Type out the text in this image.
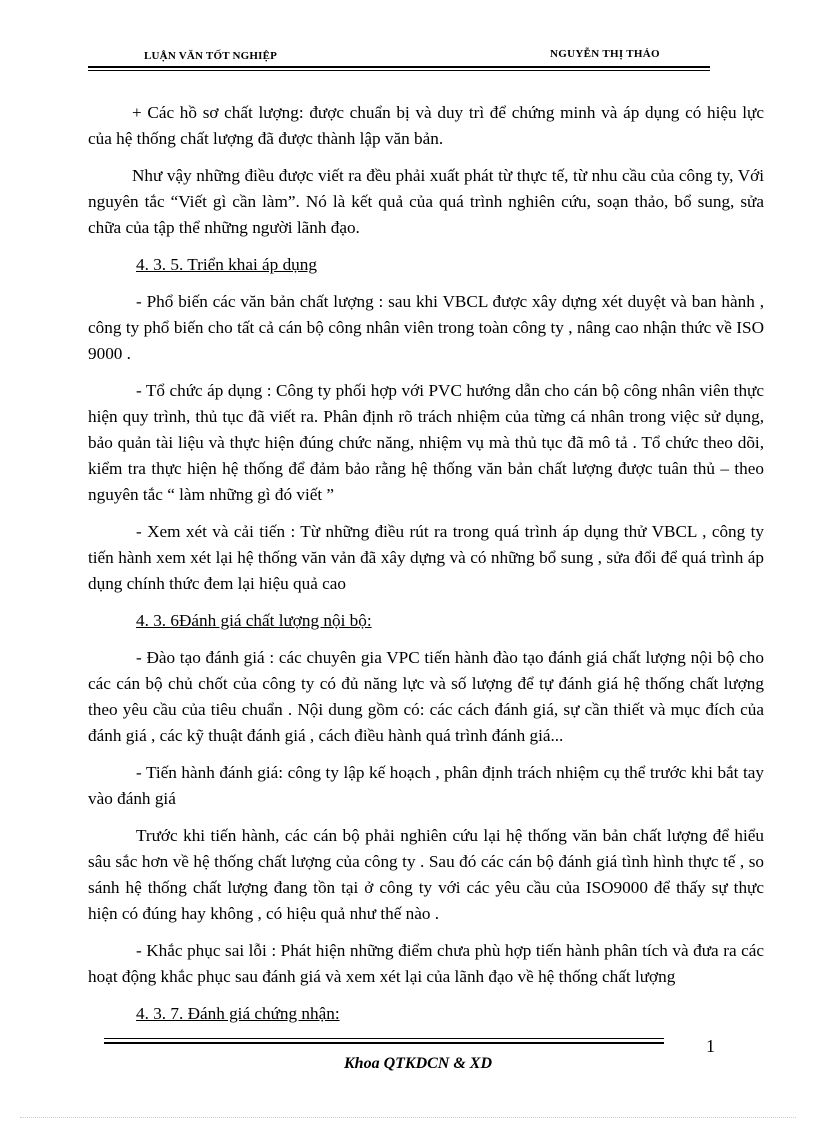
LUẬN VĂN TỐT NGHIỆP	NGUYỄN THỊ THẢO

+ Các hồ sơ chất lượng: được chuẩn bị và duy trì để chứng minh và áp dụng có hiệu lực của hệ thống chất lượng đã được thành lập văn bản.

Như vậy những điều được viết ra đều phải xuất phát từ thực tế, từ nhu cầu của công ty, Với nguyên tắc “Viết gì cần làm”. Nó là kết quả của quá trình nghiên cứu, soạn thảo, bổ sung, sửa chữa của tập thể những người lãnh đạo.

4. 3. 5. Triển khai áp dụng

- Phổ biến các văn bản chất lượng : sau khi VBCL được xây dựng xét duyệt và ban hành , công ty phổ biến cho tất cả cán bộ công nhân viên trong toàn công ty , nâng cao nhận thức về ISO 9000 .

- Tổ chức áp dụng : Công ty phối hợp với PVC hướng dẫn cho cán bộ công nhân viên thực hiện quy trình, thủ tục đã viết ra. Phân định rõ trách nhiệm của từng cá nhân trong việc sử dụng, bảo quản tài liệu và thực hiện đúng chức năng, nhiệm vụ mà thủ tục đã mô tả . Tổ chức theo dõi, kiểm tra thực hiện hệ thống để đảm bảo rằng hệ thống văn bản chất lượng được tuân thủ – theo nguyên tắc “ làm những gì đó viết ”

- Xem xét và cải tiến : Từ những điều rút ra trong quá trình áp dụng thử VBCL , công ty tiến hành xem xét lại hệ thống văn vản đã xây dựng và có những bổ sung , sửa đổi để quá trình áp dụng chính thức đem lại hiệu quả cao

4. 3. 6Đánh giá chất lượng nội bộ:

- Đào tạo đánh giá : các chuyên gia VPC tiến hành đào tạo đánh giá chất lượng nội bộ cho các cán bộ chủ chốt của công ty có đủ năng lực và số lượng để tự đánh giá hệ thống chất lượng theo yêu cầu của tiêu chuẩn . Nội dung gồm có: các cách đánh giá, sự cần thiết và mục đích của đánh giá , các kỹ thuật đánh giá , cách điều hành quá trình đánh giá...

- Tiến hành đánh giá: công ty lập kế hoạch , phân định trách nhiệm cụ thể trước khi bắt tay vào đánh giá

Trước khi tiến hành, các cán bộ phải nghiên cứu lại hệ thống văn bản chất lượng để hiểu sâu sắc hơn về hệ thống chất lượng của công ty . Sau đó các cán bộ đánh giá tình hình thực tế , so sánh hệ thống chất lượng đang tồn tại ở công ty với các yêu cầu của ISO9000 để thấy sự thực hiện có đúng hay không , có hiệu quả như thế nào .

- Khắc phục sai lỗi : Phát hiện những điểm chưa phù hợp tiến hành phân tích và đưa ra các hoạt động khắc phục sau đánh giá và xem xét lại của lãnh đạo về hệ thống chất lượng

4. 3. 7. Đánh giá chứng nhận:
1
Khoa QTKDCN & XD
